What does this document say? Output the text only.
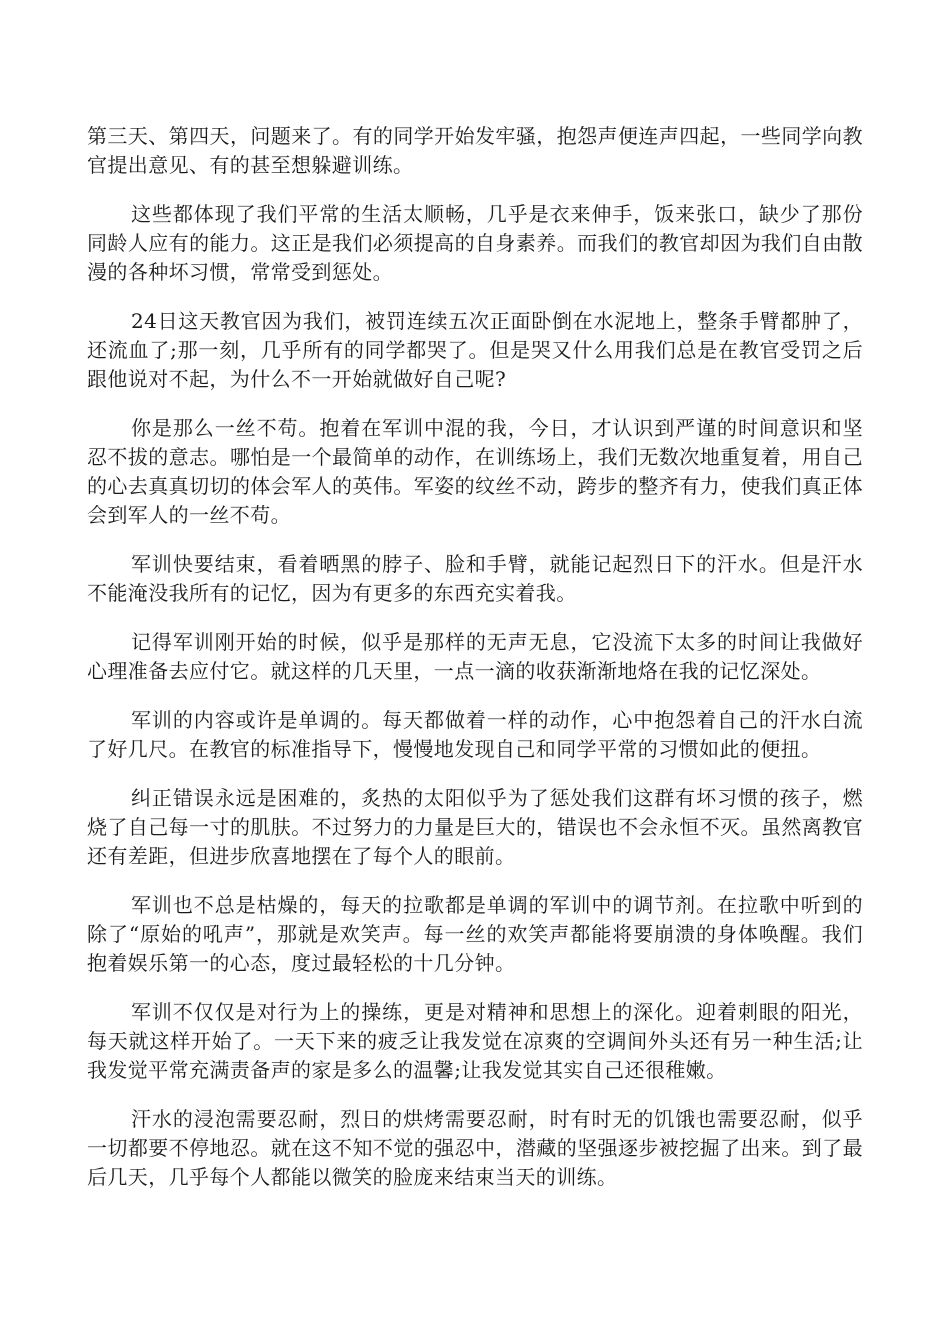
第三天、第四天，问题来了。有的同学开始发牢骚，抱怨声便连声四起，一些同学向教官提出意见、有的甚至想躲避训练。

这些都体现了我们平常的生活太顺畅，几乎是衣来伸手，饭来张口，缺少了那份同龄人应有的能力。这正是我们必须提高的自身素养。而我们的教官却因为我们自由散漫的各种坏习惯，常常受到惩处。

24日这天教官因为我们，被罚连续五次正面卧倒在水泥地上，整条手臂都肿了，还流血了;那一刻，几乎所有的同学都哭了。但是哭又什么用我们总是在教官受罚之后跟他说对不起，为什么不一开始就做好自己呢?

你是那么一丝不苟。抱着在军训中混的我，今日，才认识到严谨的时间意识和坚忍不拔的意志。哪怕是一个最简单的动作，在训练场上，我们无数次地重复着，用自己的心去真真切切的体会军人的英伟。军姿的纹丝不动，跨步的整齐有力，使我们真正体会到军人的一丝不苟。

军训快要结束，看着晒黑的脖子、脸和手臂，就能记起烈日下的汗水。但是汗水不能淹没我所有的记忆，因为有更多的东西充实着我。

记得军训刚开始的时候，似乎是那样的无声无息，它没流下太多的时间让我做好心理准备去应付它。就这样的几天里，一点一滴的收获渐渐地烙在我的记忆深处。

军训的内容或许是单调的。每天都做着一样的动作，心中抱怨着自己的汗水白流了好几尺。在教官的标准指导下，慢慢地发现自己和同学平常的习惯如此的便扭。

纠正错误永远是困难的，炙热的太阳似乎为了惩处我们这群有坏习惯的孩子，燃烧了自己每一寸的肌肤。不过努力的力量是巨大的，错误也不会永恒不灭。虽然离教官还有差距，但进步欣喜地摆在了每个人的眼前。

军训也不总是枯燥的，每天的拉歌都是单调的军训中的调节剂。在拉歌中听到的除了“原始的吼声”，那就是欢笑声。每一丝的欢笑声都能将要崩溃的身体唤醒。我们抱着娱乐第一的心态，度过最轻松的十几分钟。

军训不仅仅是对行为上的操练，更是对精神和思想上的深化。迎着刺眼的阳光，每天就这样开始了。一天下来的疲乏让我发觉在凉爽的空调间外头还有另一种生活;让我发觉平常充满责备声的家是多么的温馨;让我发觉其实自己还很稚嫩。

汗水的浸泡需要忍耐，烈日的烘烤需要忍耐，时有时无的饥饿也需要忍耐，似乎一切都要不停地忍。就在这不知不觉的强忍中，潜藏的坚强逐步被挖掘了出来。到了最后几天，几乎每个人都能以微笑的脸庞来结束当天的训练。
